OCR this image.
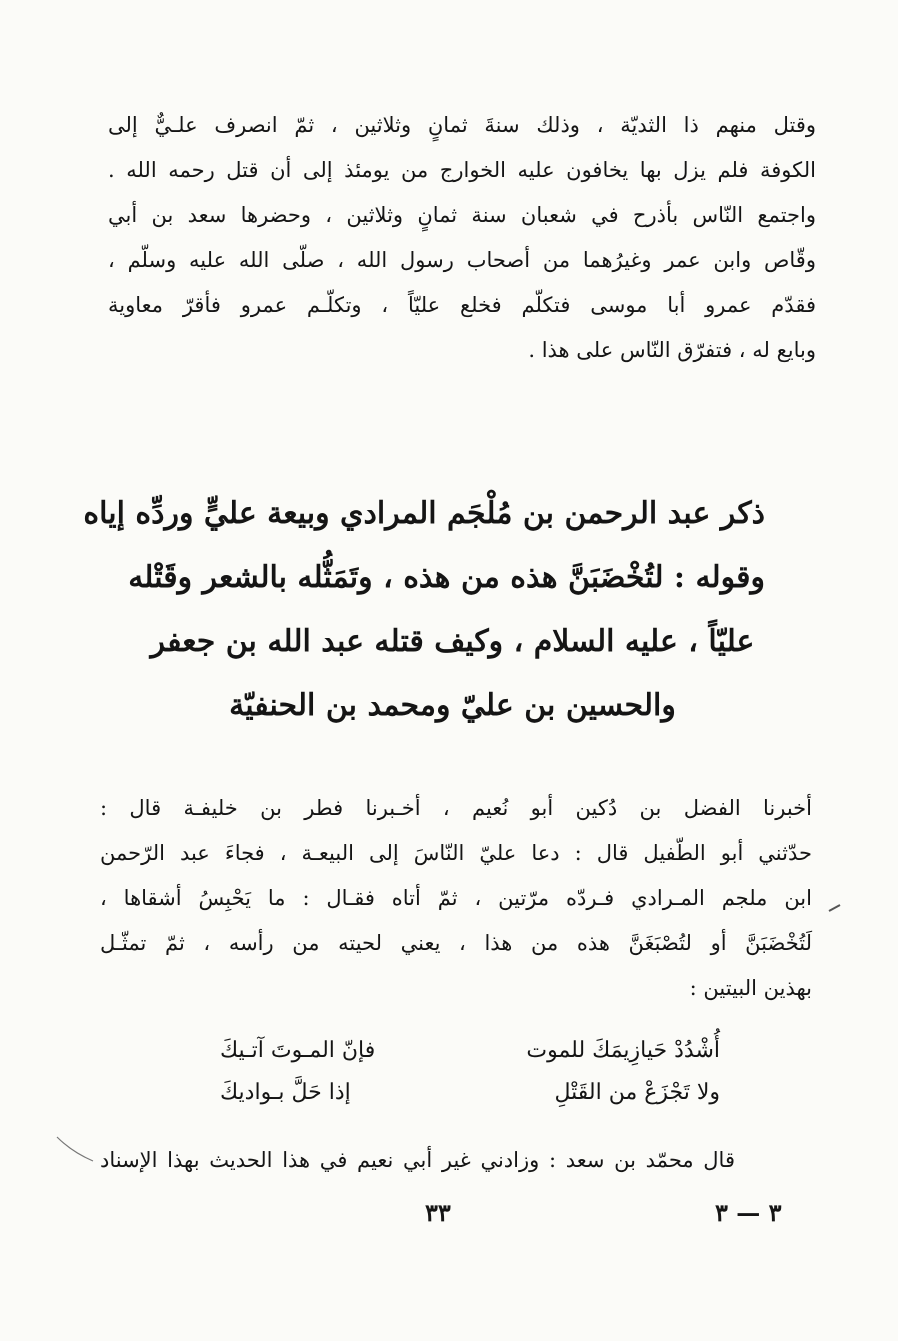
وقتل منهم ذا الثديّة ، وذلك سنةَ ثمانٍ وثلاثين ، ثمّ انصرف علـيٌّ إلى
الكوفة فلم يزل بها يخافون عليه الخوارج من يومئذ إلى أن قتل رحمه الله .
واجتمع النّاس بأذرح في شعبان سنة ثمانٍ وثلاثين ، وحضرها سعد بن أبي
وقّاص وابن عمر وغيرُهما من أصحاب رسول الله ، صلّى الله عليه وسلّم ،
فقدّم عمرو أبا موسى فتكلّم فخلع عليّاً ، وتكلّـم عمرو فأقرّ معاوية
وبايع له ، فتفرّق النّاس على هذا .
ذكر عبد الرحمن بن مُلْجَم المرادي وبيعة عليٍّ وردِّه إياه
وقوله : لتُخْضَبَنَّ هذه من هذه ، وتَمَثُّله بالشعر وقَتْله
عليّاً ، عليه السلام ، وكيف قتله عبد الله بن جعفر
والحسين بن عليّ ومحمد بن الحنفيّة
أخبرنا الفضل بن دُكين أبو نُعيم ، أخـبرنا فطر بن خليفـة قال :
حدّثني أبو الطّفيل قال : دعا عليّ النّاسَ إلى البيعـة ، فجاءَ عبد الرّحمن
ابن ملجم المـرادي فـردّه مرّتين ، ثمّ أتاه فقـال : ما يَحْبِسُ أشقاها ،
لَتُخْضَبَنَّ أو لتُصْبَغَنَّ هذه من هذا ، يعني لحيته من رأسه ، ثمّ تمثّـل
بهذين البيتين :
أُشْدُدْ حَيازِيمَكَ للموت
فإنّ المـوتَ آتـيكَ
ولا تَجْزَعْ من القَتْلِ
إذا حَلَّ بـواديكَ
قال محمّد بن سعد : وزادني غير أبي نعيم في هذا الحديث بهذا الإسناد
٣٣	٣ — ٣
